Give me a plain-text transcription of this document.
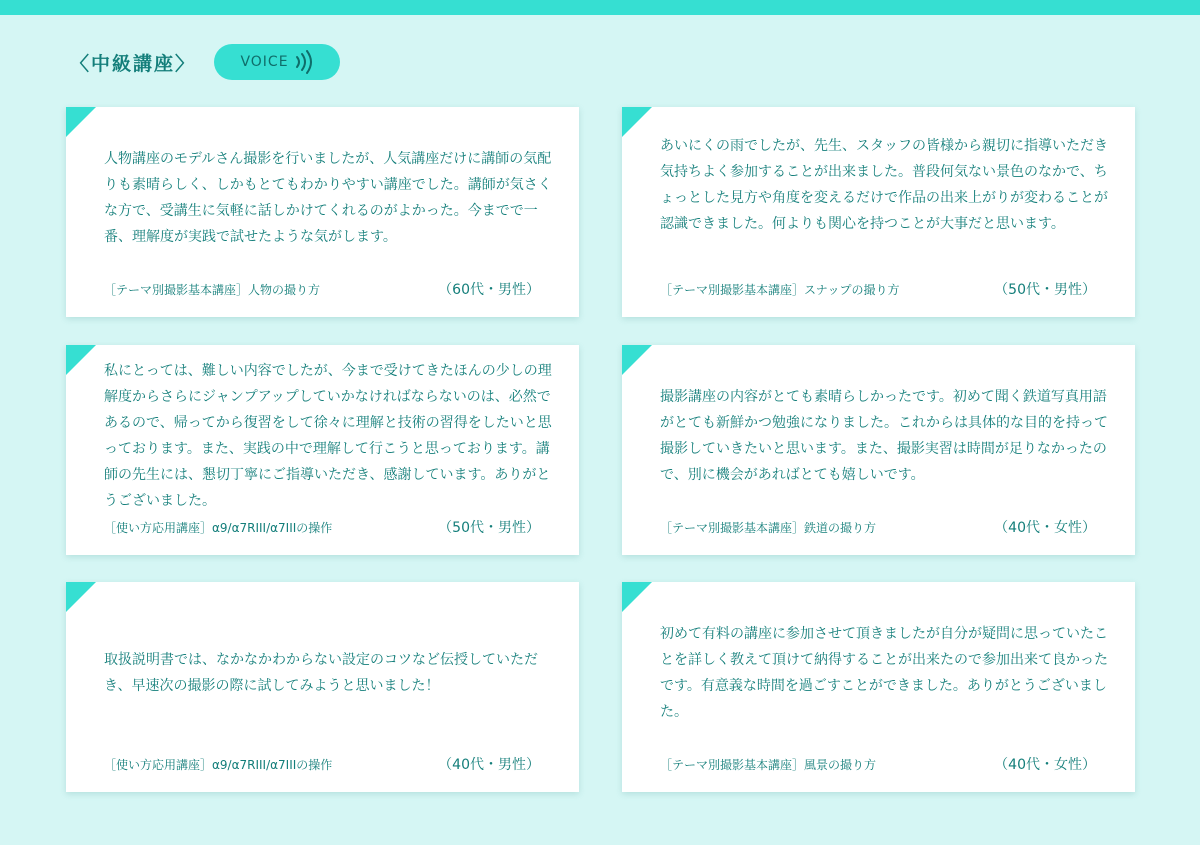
〈中級講座〉	VOICE

人物講座のモデルさん撮影を行いましたが、人気講座だけに講師の気配りも素晴らしく、しかもとてもわかりやすい講座でした。講師が気さくな方で、受講生に気軽に話しかけてくれるのがよかった。今までで一番、理解度が実践で試せたような気がします。

［テーマ別撮影基本講座］人物の撮り方	（60代・男性）

あいにくの雨でしたが、先生、スタッフの皆様から親切に指導いただき気持ちよく参加することが出来ました。普段何気ない景色のなかで、ちょっとした見方や角度を変えるだけで作品の出来上がりが変わることが認識できました。何よりも関心を持つことが大事だと思います。

［テーマ別撮影基本講座］スナップの撮り方	（50代・男性）

私にとっては、難しい内容でしたが、今まで受けてきたほんの少しの理解度からさらにジャンプアップしていかなければならないのは、必然であるので、帰ってから復習をして徐々に理解と技術の習得をしたいと思っております。また、実践の中で理解して行こうと思っております。講師の先生には、懇切丁寧にご指導いただき、感謝しています。ありがとうございました。

［使い方応用講座］α9/α7RIII/α7IIIの操作	（50代・男性）

撮影講座の内容がとても素晴らしかったです。初めて聞く鉄道写真用語がとても新鮮かつ勉強になりました。これからは具体的な目的を持って撮影していきたいと思います。また、撮影実習は時間が足りなかったので、別に機会があればとても嬉しいです。

［テーマ別撮影基本講座］鉄道の撮り方	（40代・女性）

取扱説明書では、なかなかわからない設定のコツなど伝授していただき、早速次の撮影の際に試してみようと思いました！

［使い方応用講座］α9/α7RIII/α7IIIの操作	（40代・男性）

初めて有料の講座に参加させて頂きましたが自分が疑問に思っていたことを詳しく教えて頂けて納得することが出来たので参加出来て良かったです。有意義な時間を過ごすことができました。ありがとうございました。

［テーマ別撮影基本講座］風景の撮り方	（40代・女性）
